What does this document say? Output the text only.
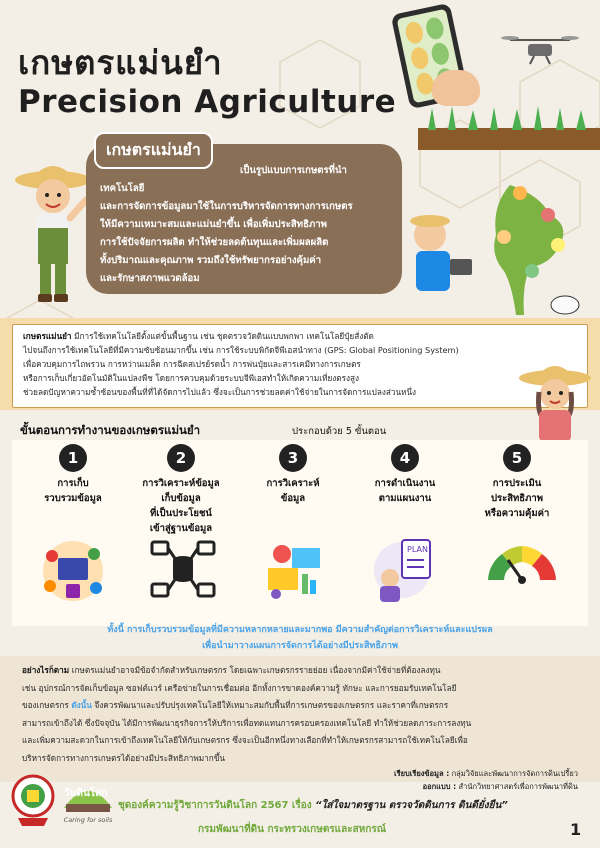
เกษตรแม่นยำ
Precision Agriculture
เป็นรูปแบบการเกษตรที่นำเทคโนโลยี
และการจัดการข้อมูลมาใช้ในการบริหารจัดการทางการเกษตร
ให้มีความเหมาะสมและแม่นยำขึ้น เพื่อเพิ่มประสิทธิภาพ
การใช้ปัจจัยการผลิต ทำให้ช่วยลดต้นทุนและเพิ่มผลผลิต
ทั้งปริมาณและคุณภาพ รวมถึงใช้ทรัพยากรอย่างคุ้มค่า
และรักษาสภาพแวดล้อม
เกษตรแม่นยำ
เกษตรแม่นยำ มีการใช้เทคโนโลยีตั้งแต่ขั้นพื้นฐาน เช่น ชุดตรวจวัดดินแบบพกพา เทคโนโลยีปุ๋ยสั่งตัด
ไปจนถึงการใช้เทคโนโลยีที่มีความซับซ้อนมากขึ้น เช่น การใช้ระบบพิกัดจีพีเอสนำทาง (GPS: Global Positioning System)
เพื่อควบคุมการไถพรวน การหว่านเมล็ด การฉีดสเปรย์รดน้ำ การพ่นปุ๋ยและสารเคมีทางการเกษตร
หรือการเก็บเกี่ยวอัตโนมัติในแปลงพืช โดยการควบคุมด้วยระบบจีพีเอสทำให้เกิดความเที่ยงตรงสูง
ช่วยลดปัญหาความซ้ำซ้อนของพื้นที่ที่ได้จัดการไปแล้ว ซึ่งจะเป็นการช่วยลดค่าใช้จ่ายในการจัดการแปลงส่วนหนึ่ง
ขั้นตอนการทำงานของเกษตรแม่นยำ	ประกอบด้วย 5 ขั้นตอน
1
การเก็บ
รวบรวมข้อมูล
2
การวิเคราะห์ข้อมูล
เก็บข้อมูล
ที่เป็นประโยชน์
เข้าสู่ฐานข้อมูล
3
การวิเคราะห์
ข้อมูล
4
การดำเนินงาน
ตามแผนงาน
5
การประเมิน
ประสิทธิภาพ
หรือความคุ้มค่า
PLAN
ทั้งนี้ การเก็บรวบรวมข้อมูลที่มีความหลากหลายและมากพอ มีความสำคัญต่อการวิเคราะห์และแปรผล
เพื่อนำมาวางแผนการจัดการได้อย่างมีประสิทธิภาพ
อย่างไรก็ตาม เกษตรแม่นยำอาจมีข้อจำกัดสำหรับเกษตรกร โดยเฉพาะเกษตรกรรายย่อย เนื่องจากมีค่าใช้จ่ายที่ต้องลงทุน
เช่น อุปกรณ์การจัดเก็บข้อมูล ซอฟต์แวร์ เครือข่ายในการเชื่อมต่อ อีกทั้งการขาดองค์ความรู้ ทักษะ และการยอมรับเทคโนโลยี
ของเกษตรกร ดังนั้น จึงควรพัฒนาและปรับปรุงเทคโนโลยีให้เหมาะสมกับพื้นที่การเกษตรของเกษตรกร และราคาที่เกษตรกร
สามารถเข้าถึงได้ ซึ่งปัจจุบัน ได้มีการพัฒนาธุรกิจการให้บริการเพื่อทดแทนการครอบครองเทคโนโลยี ทำให้ช่วยลดภาระการลงทุน
และเพิ่มความสะดวกในการเข้าถึงเทคโนโลยีให้กับเกษตรกร ซึ่งจะเป็นอีกหนึ่งทางเลือกที่ทำให้เกษตรกรสามารถใช้เทคโนโลยีเพื่อ
บริหารจัดการทางการเกษตรได้อย่างมีประสิทธิภาพมากขึ้น
เรียบเรียงข้อมูล : กลุ่มวิจัยและพัฒนาการจัดการดินเปรี้ยว
ออกแบบ : สำนักวิทยาศาสตร์เพื่อการพัฒนาที่ดิน
วันดินโลก
Caring for soils
ชุดองค์ความรู้วิชาการวันดินโลก 2567 เรื่อง “ใส่ใจมาตรฐาน ตรวจวัดดินการ ดินดียั่งยืน”
กรมพัฒนาที่ดิน กระทรวงเกษตรและสหกรณ์	1
